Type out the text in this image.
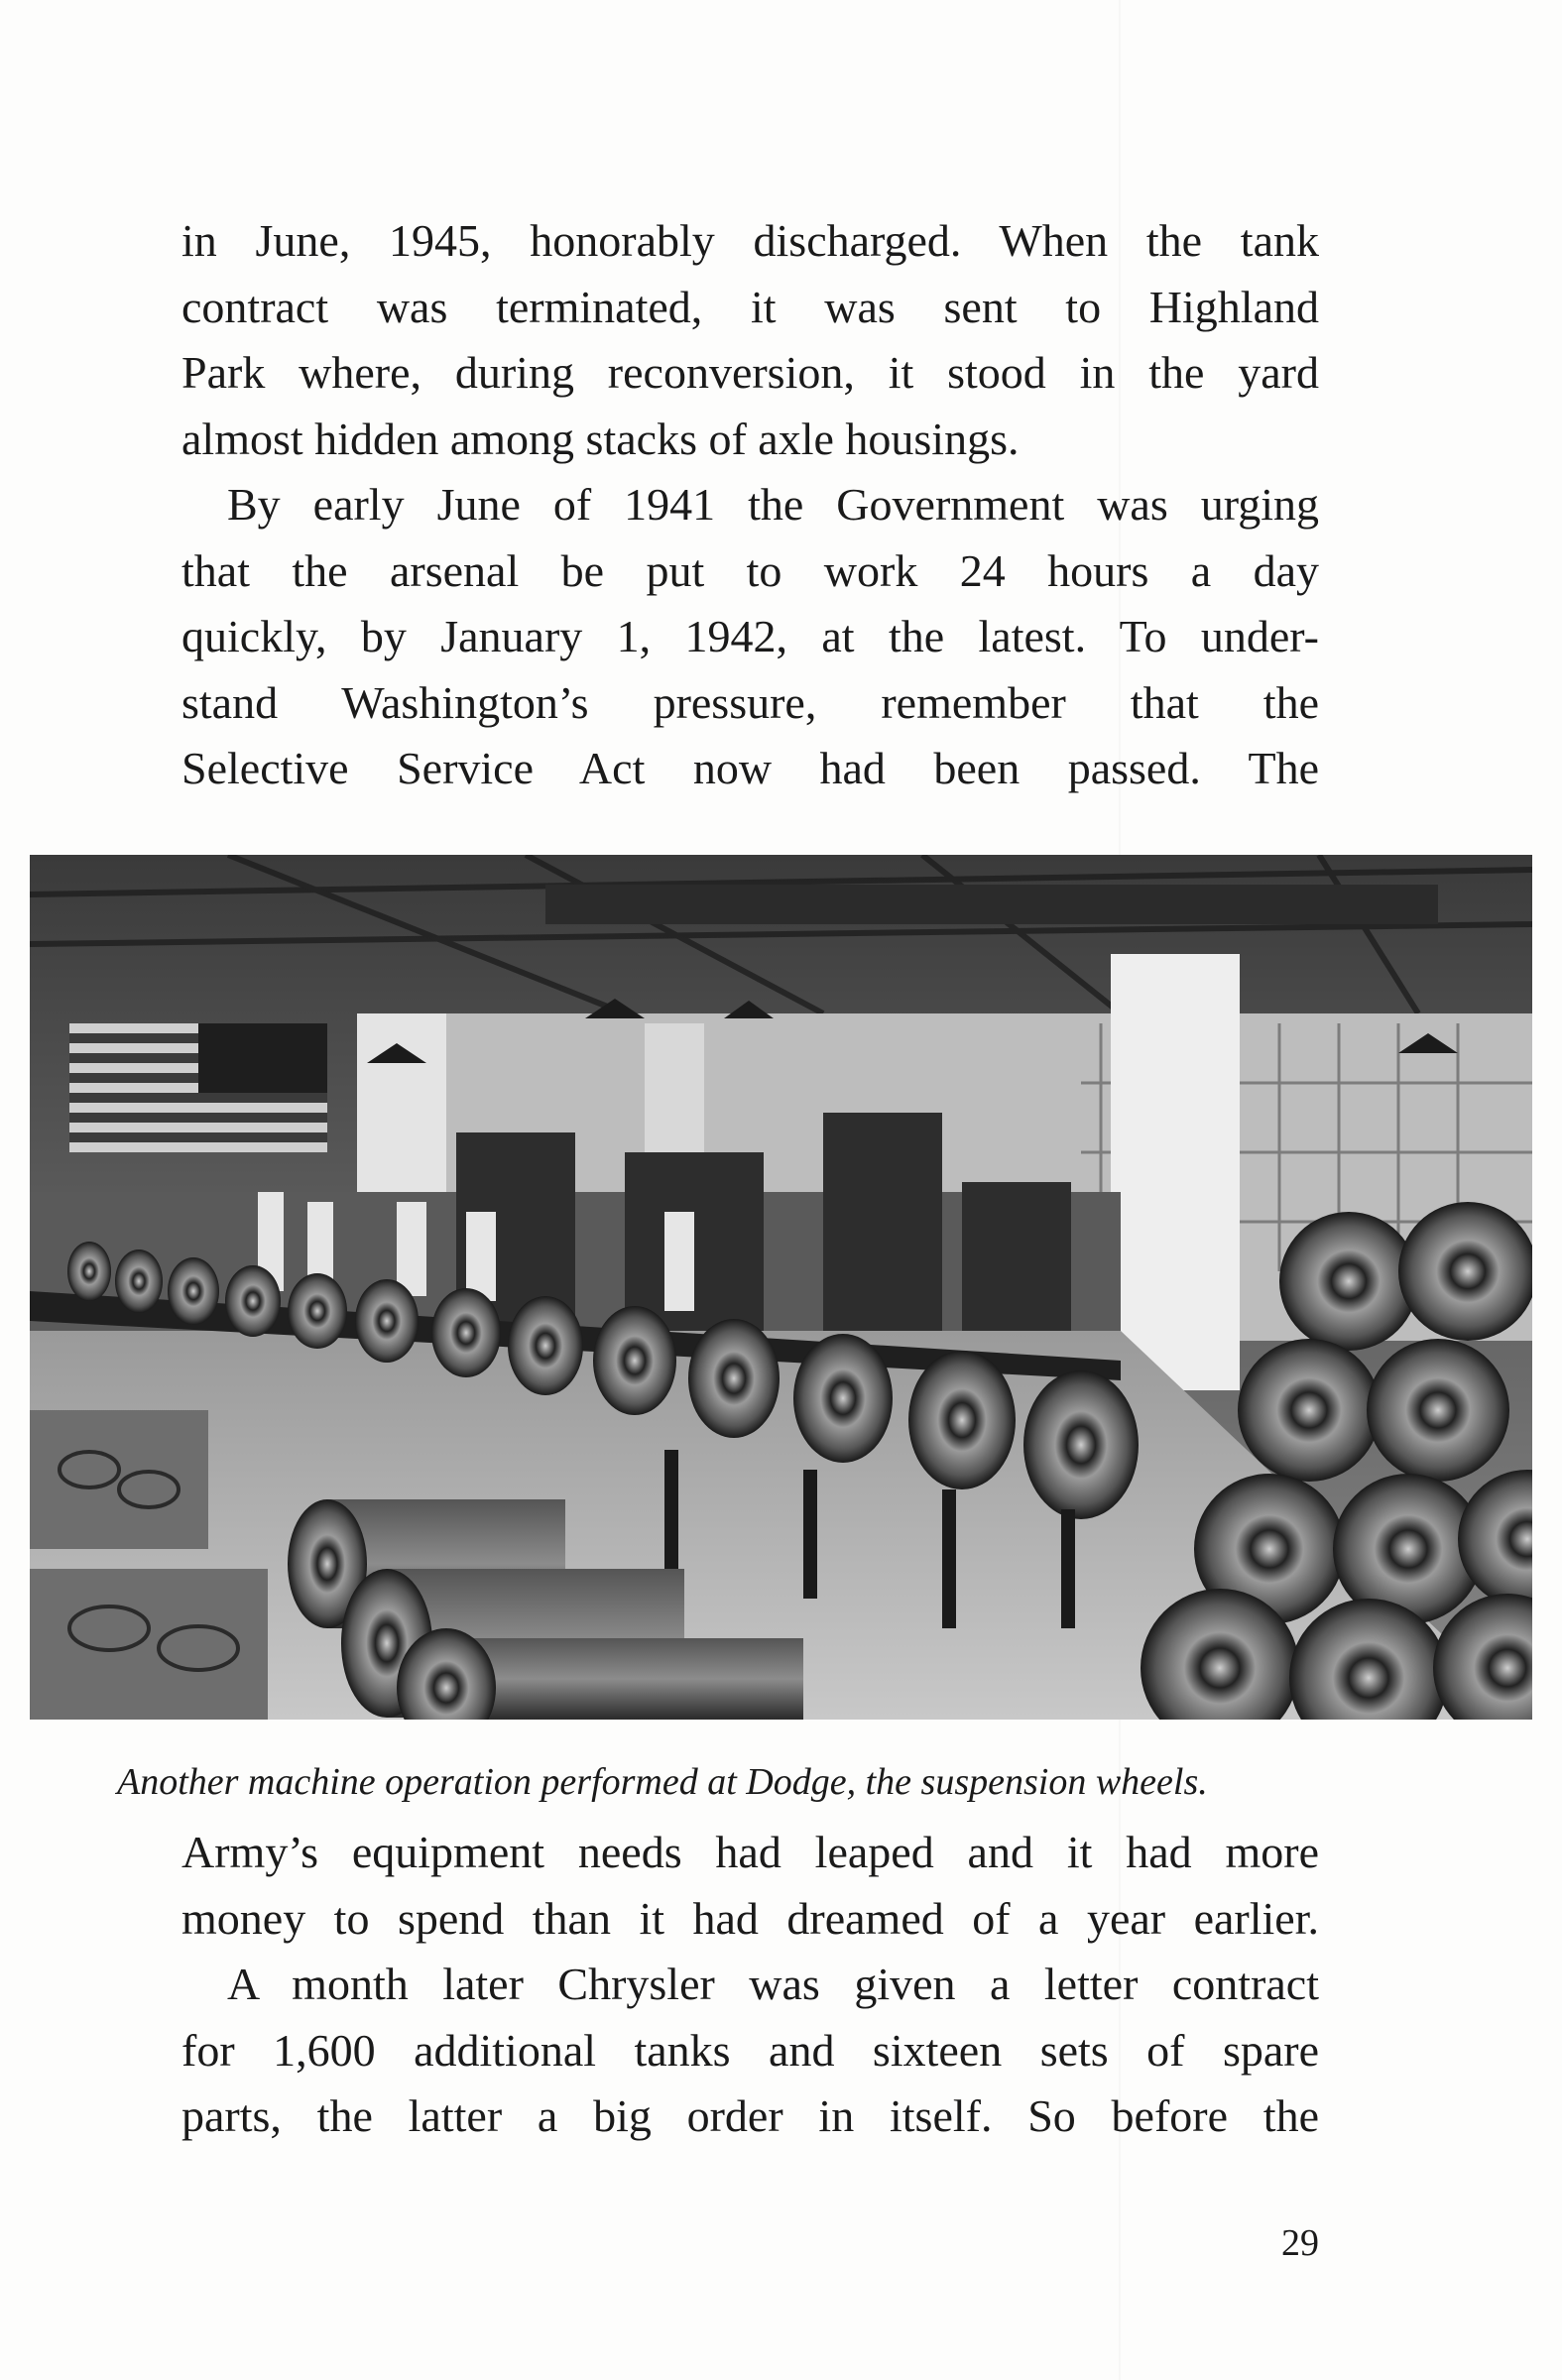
in June, 1945, honorably discharged. When the tank
contract was terminated, it was sent to Highland
Park where, during reconversion, it stood in the yard
almost hidden among stacks of axle housings.
By early June of 1941 the Government was urging
that the arsenal be put to work 24 hours a day
quickly, by January 1, 1942, at the latest. To under-
stand Washington’s pressure, remember that the
Selective Service Act now had been passed. The
Another machine operation performed at Dodge, the suspension wheels.
Army’s equipment needs had leaped and it had more
money to spend than it had dreamed of a year earlier.
A month later Chrysler was given a letter contract
for 1,600 additional tanks and sixteen sets of spare
parts, the latter a big order in itself. So before the
29
